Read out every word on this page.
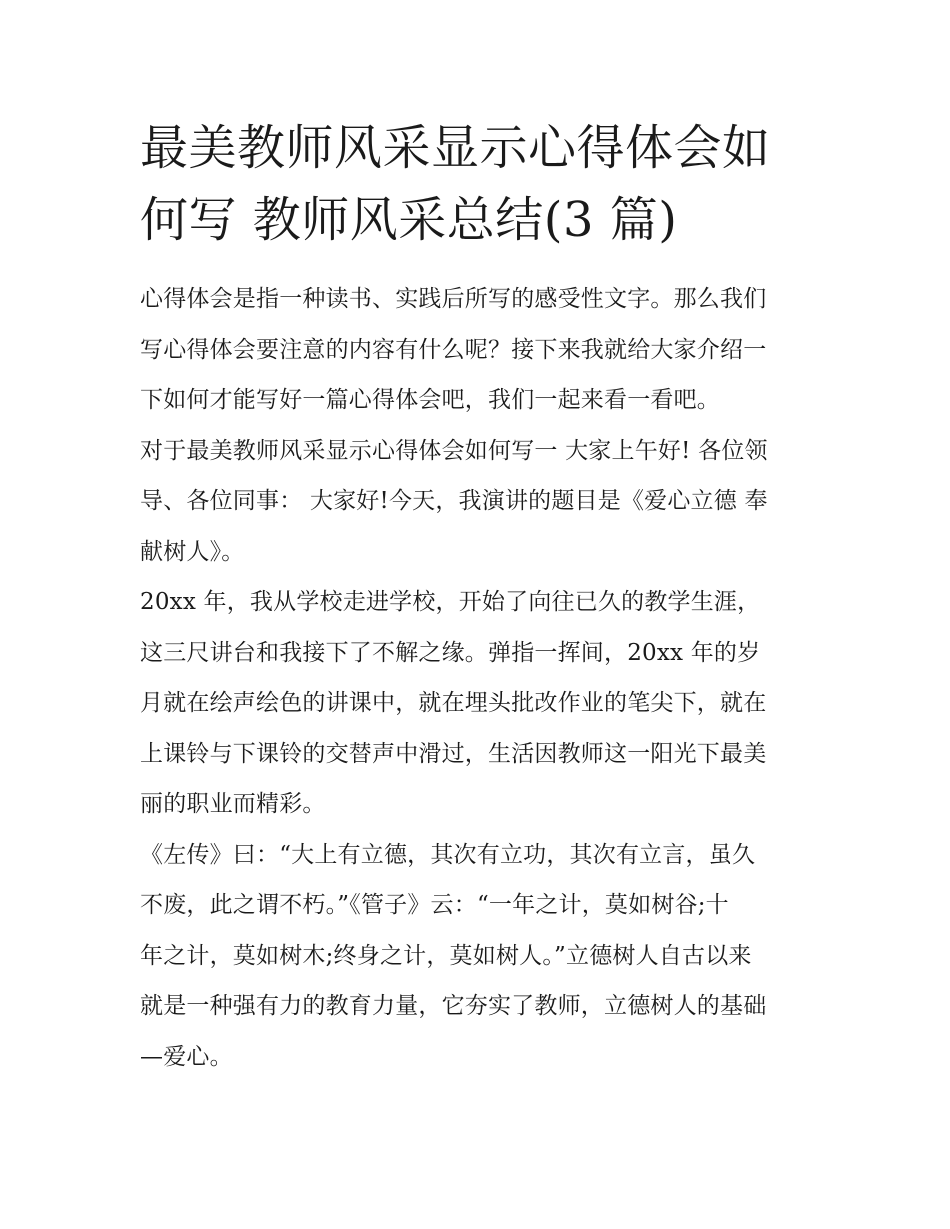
最美教师风采显示心得体会如
何写 教师风采总结(3 篇)
心得体会是指一种读书、实践后所写的感受性文字。那么我们
写心得体会要注意的内容有什么呢？接下来我就给大家介绍一
下如何才能写好一篇心得体会吧，我们一起来看一看吧。
对于最美教师风采显示心得体会如何写一 大家上午好! 各位领
导、各位同事： 大家好!今天，我演讲的题目是《爱心立德 奉
献树人》。
20xx 年，我从学校走进学校，开始了向往已久的教学生涯，
这三尺讲台和我接下了不解之缘。弹指一挥间，20xx 年的岁
月就在绘声绘色的讲课中，就在埋头批改作业的笔尖下，就在
上课铃与下课铃的交替声中滑过，生活因教师这一阳光下最美
丽的职业而精彩。
《左传》曰：“大上有立德，其次有立功，其次有立言，虽久
不废，此之谓不朽。”《管子》云：“一年之计，莫如树谷;十
年之计，莫如树木;终身之计，莫如树人。”立德树人自古以来
就是一种强有力的教育力量，它夯实了教师，立德树人的基础
—爱心。
